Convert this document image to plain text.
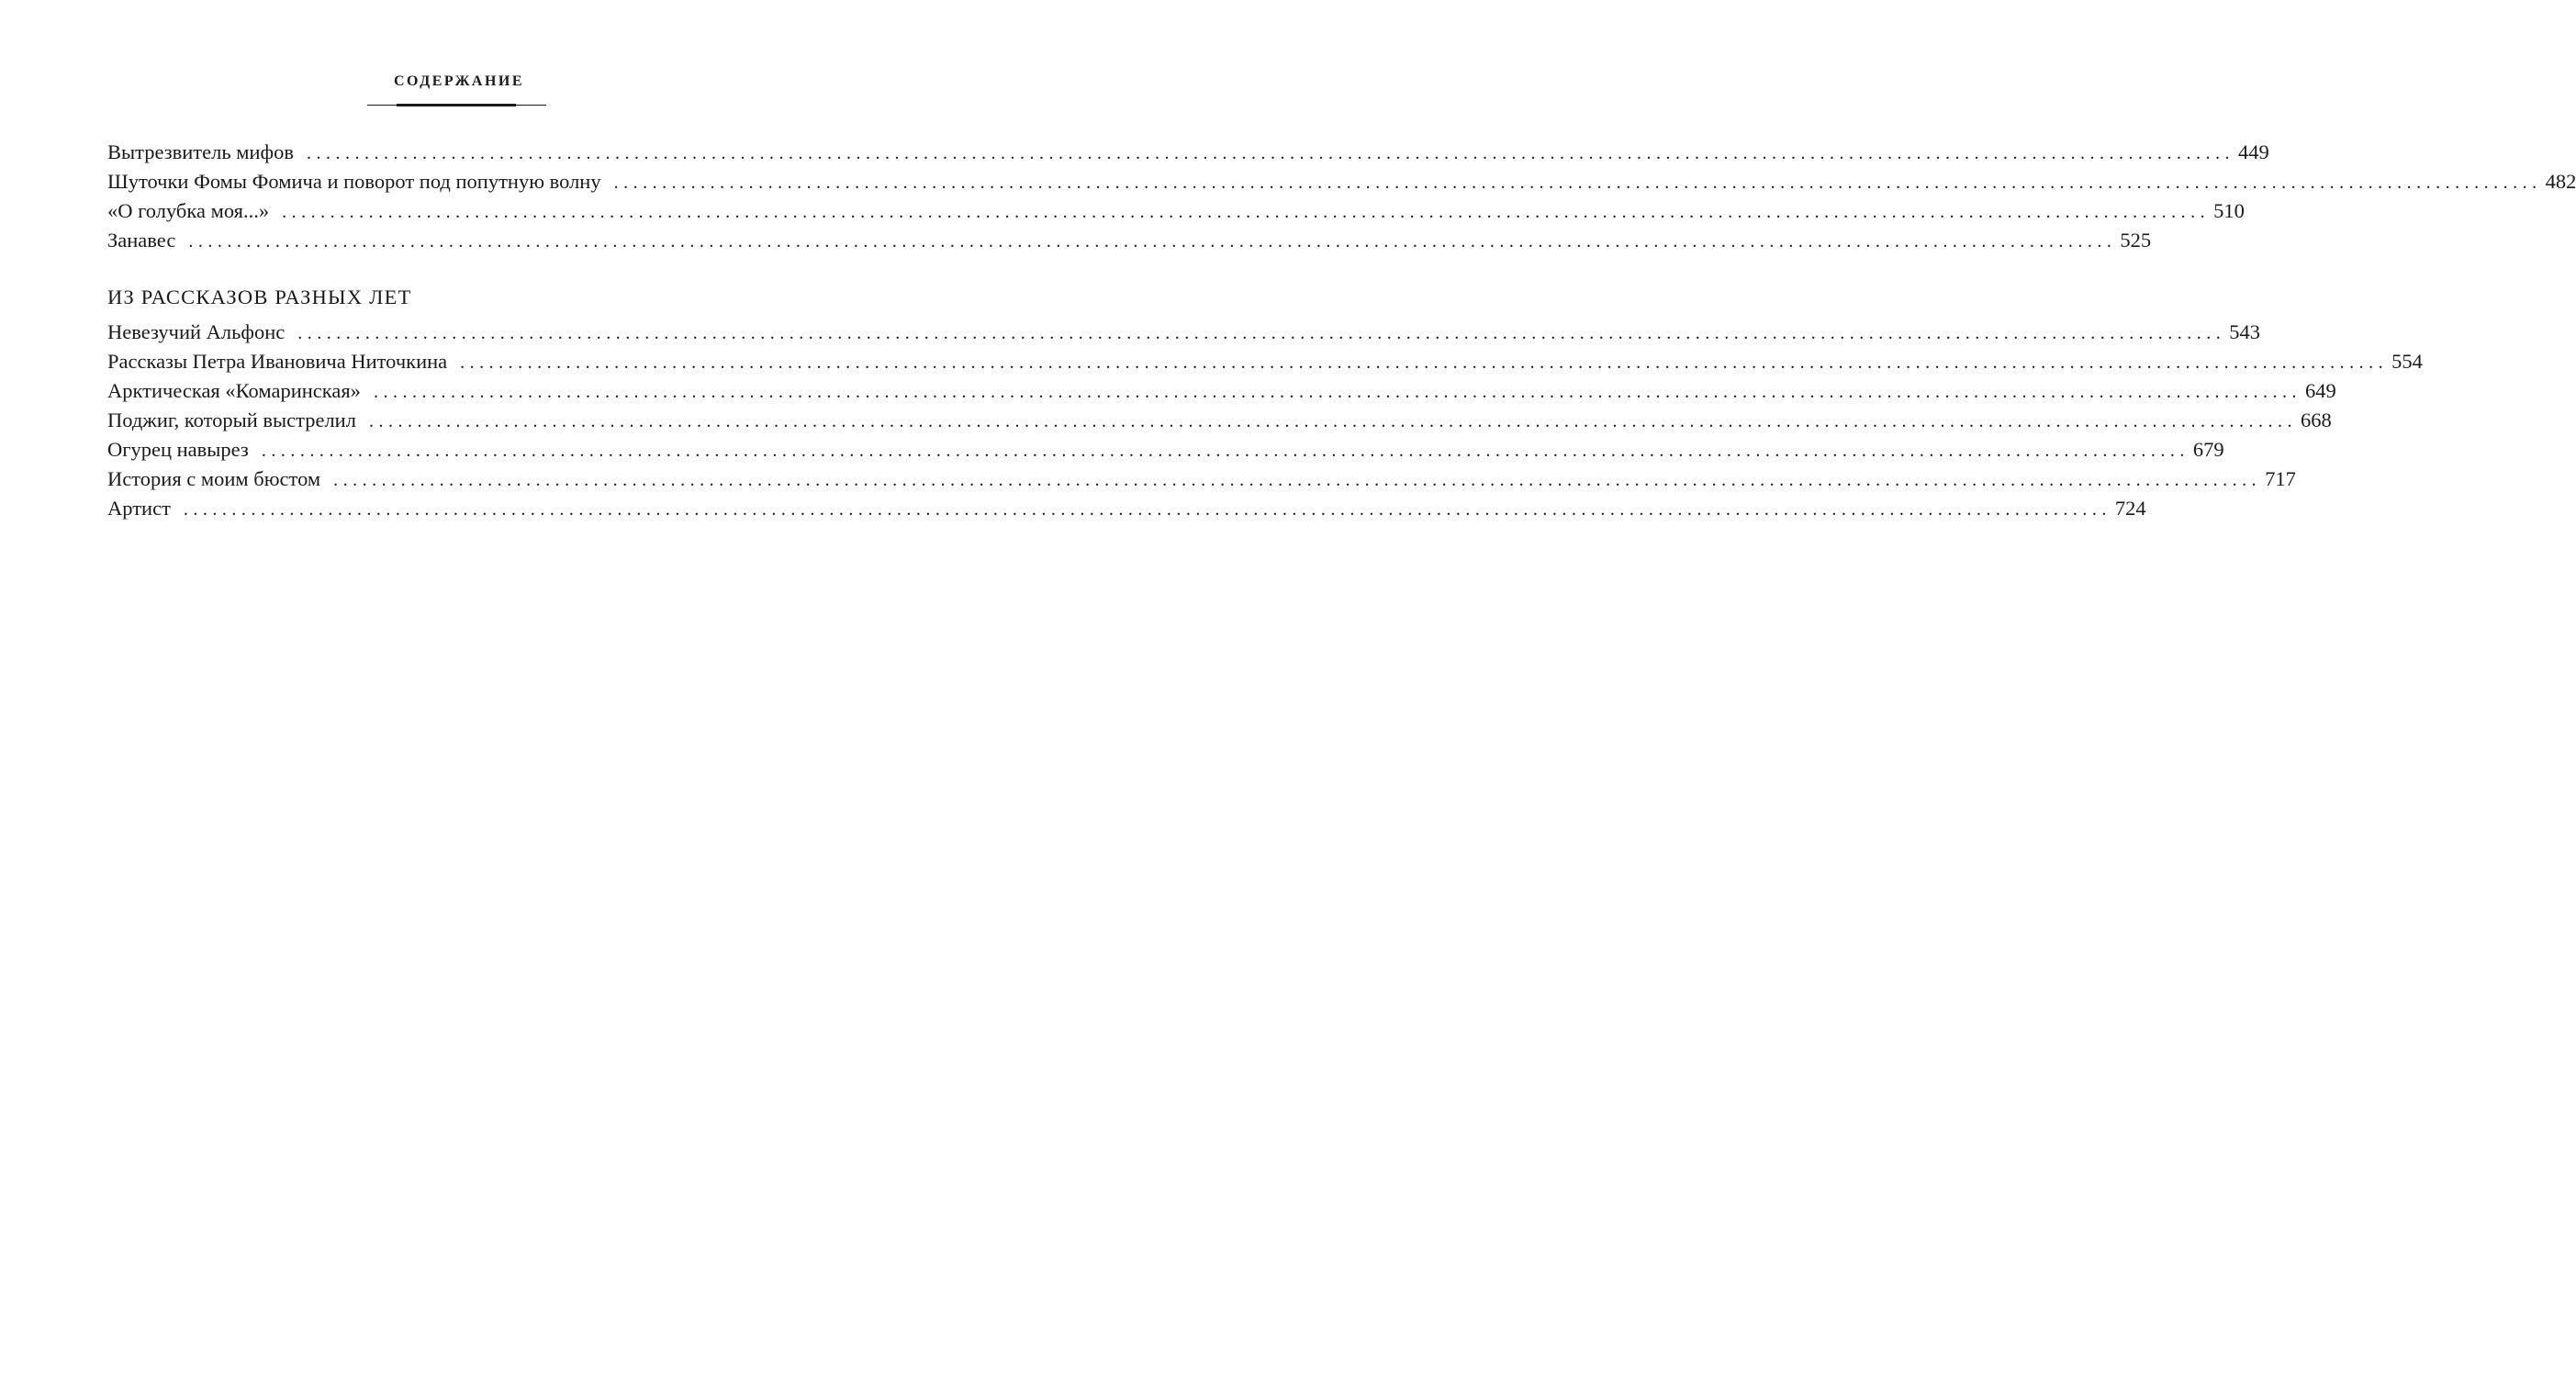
СОДЕРЖАНИЕ
Вытрезвитель мифов ........................................................................................................................................................................................................ 449
Шуточки Фомы Фомича и поворот под попутную волну ........................................................................................................................................................................................................ 482
«О голубка моя...» ........................................................................................................................................................................................................ 510
Занавес ........................................................................................................................................................................................................ 525
ИЗ РАССКАЗОВ РАЗНЫХ ЛЕТ
Невезучий Альфонс ........................................................................................................................................................................................................ 543
Рассказы Петра Ивановича Ниточкина ........................................................................................................................................................................................................ 554
Арктическая «Комаринская» ........................................................................................................................................................................................................ 649
Поджиг, который выстрелил ........................................................................................................................................................................................................ 668
Огурец навырез ........................................................................................................................................................................................................ 679
История с моим бюстом ........................................................................................................................................................................................................ 717
Артист ........................................................................................................................................................................................................ 724
